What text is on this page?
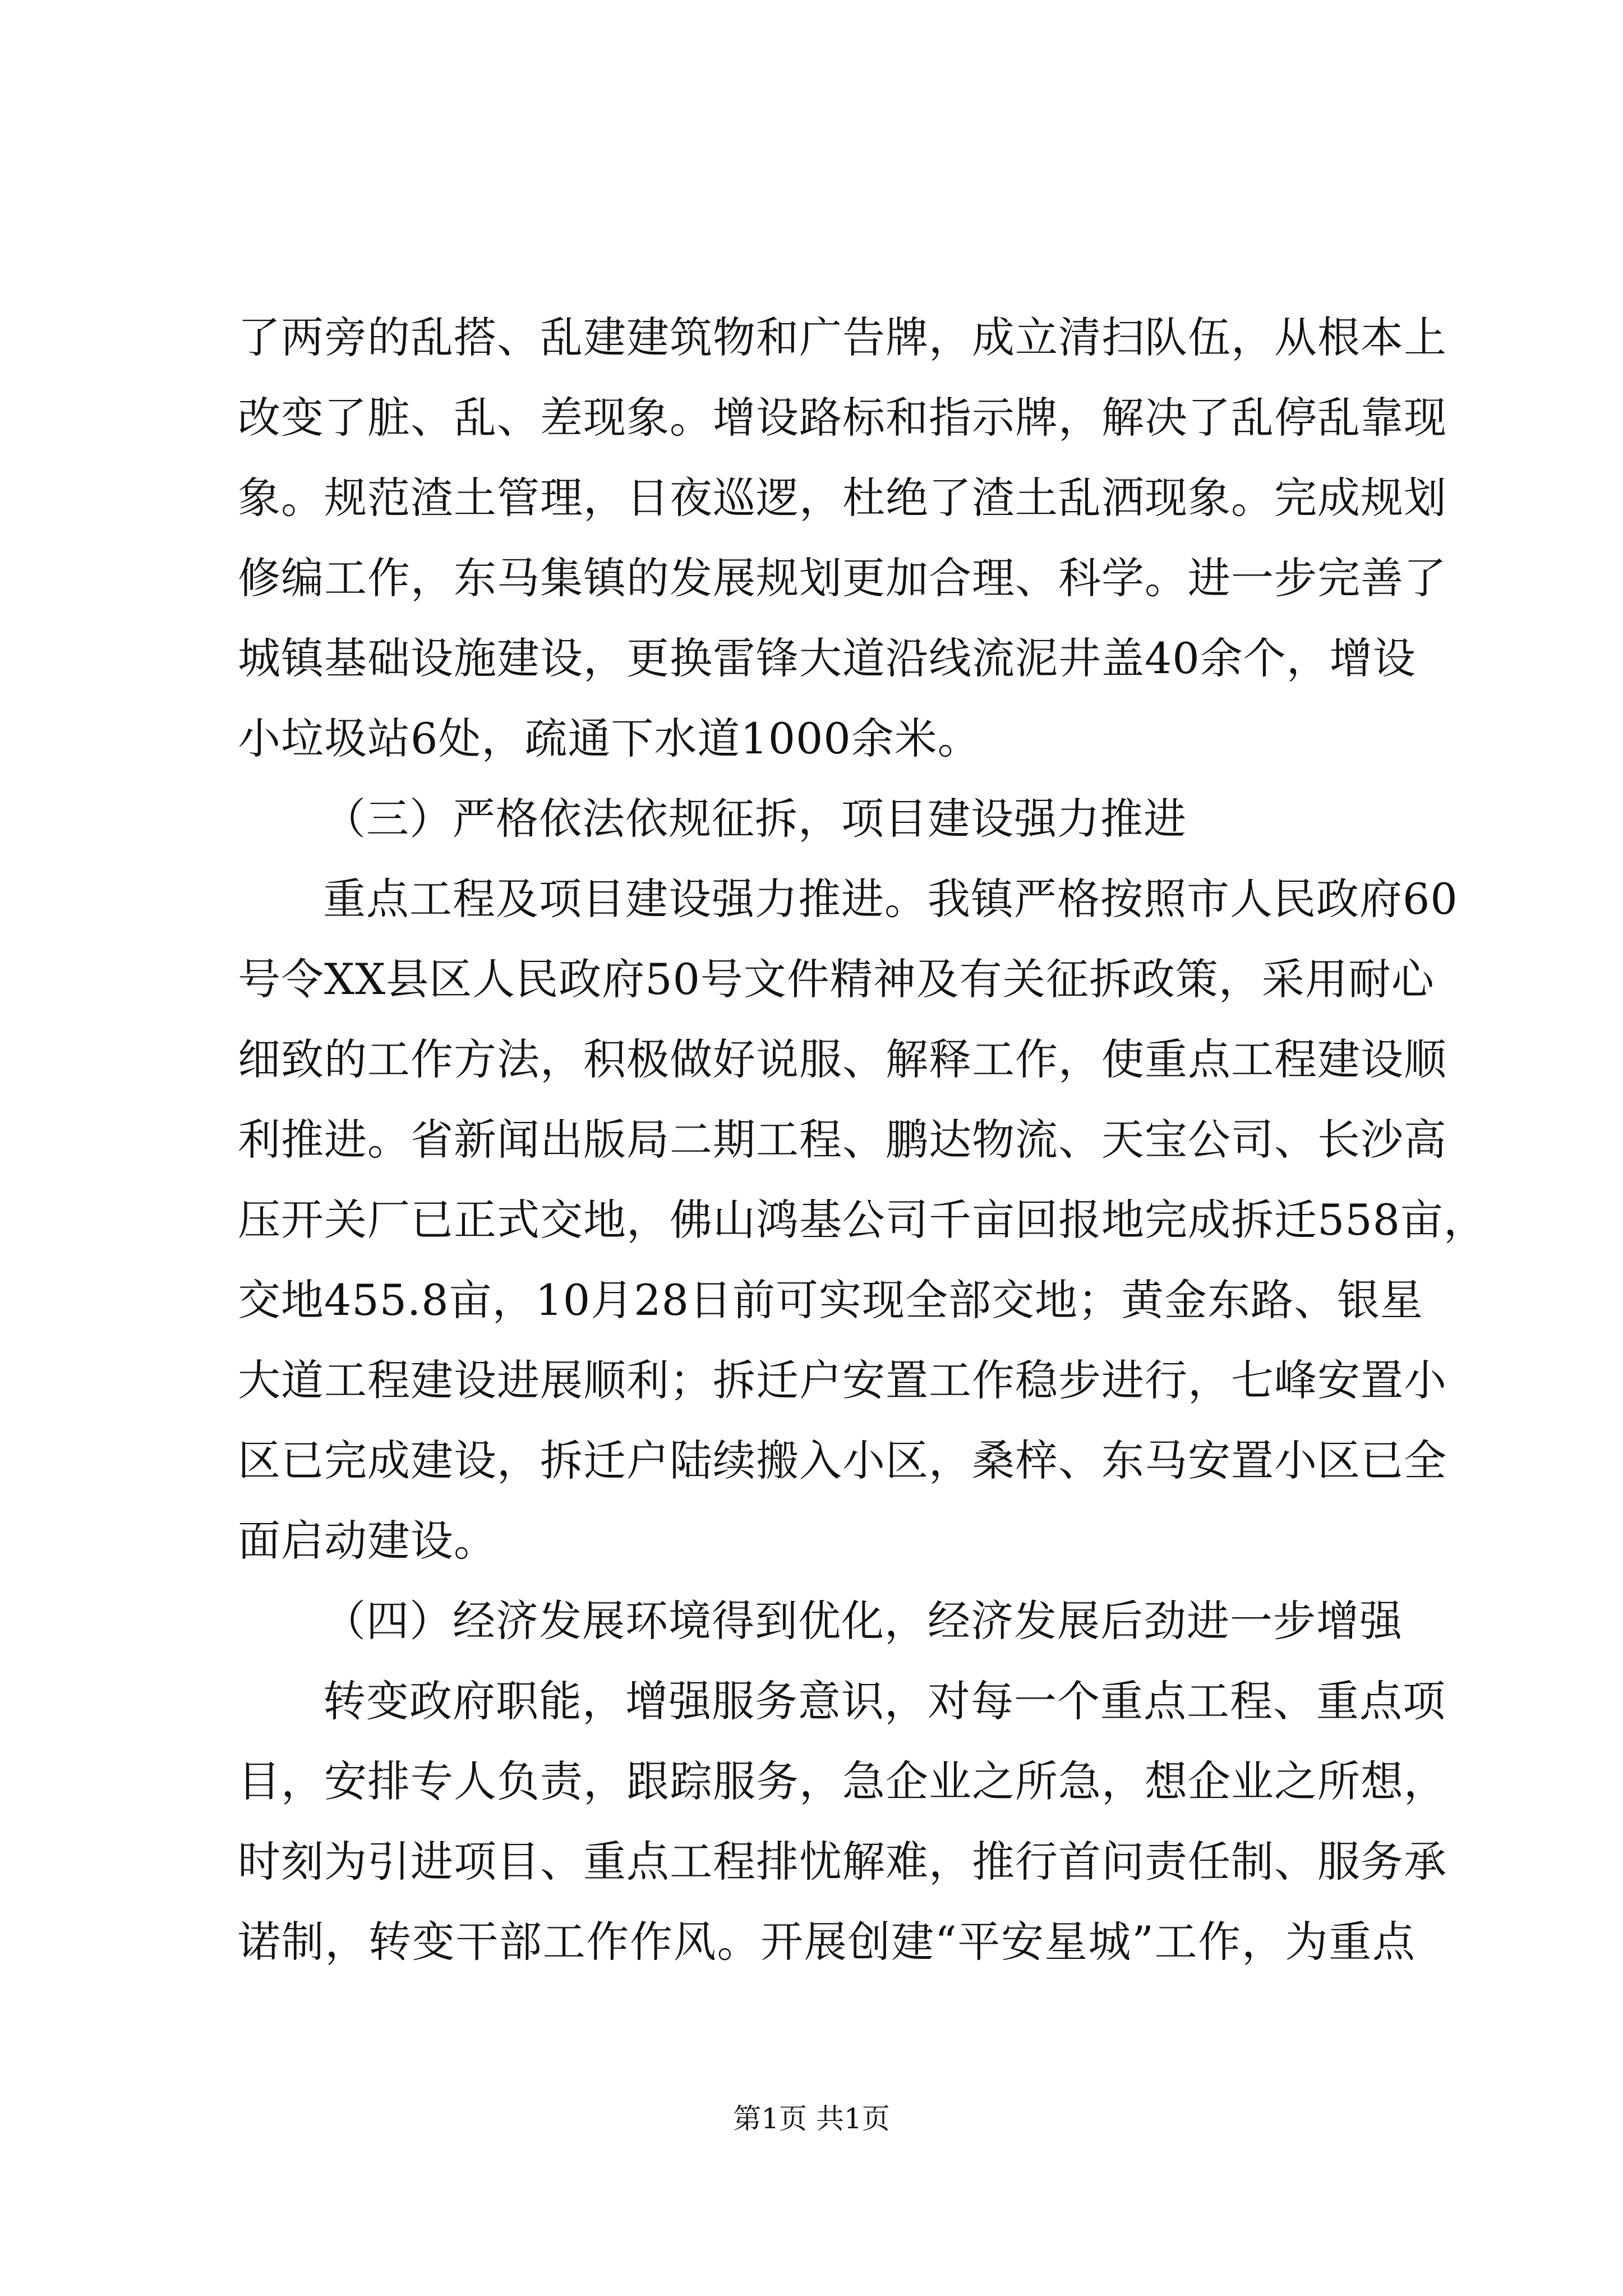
了两旁的乱搭、乱建建筑物和广告牌，成立清扫队伍，从根本上
改变了脏、乱、差现象。增设路标和指示牌，解决了乱停乱靠现
象。规范渣土管理，日夜巡逻，杜绝了渣土乱洒现象。完成规划
修编工作，东马集镇的发展规划更加合理、科学。进一步完善了
城镇基础设施建设，更换雷锋大道沿线流泥井盖40余个，增设
小垃圾站6处，疏通下水道1000余米。
（三）严格依法依规征拆，项目建设强力推进
重点工程及项目建设强力推进。我镇严格按照市人民政府60
号令XX县区人民政府50号文件精神及有关征拆政策，采用耐心
细致的工作方法，积极做好说服、解释工作，使重点工程建设顺
利推进。省新闻出版局二期工程、鹏达物流、天宝公司、长沙高
压开关厂已正式交地，佛山鸿基公司千亩回报地完成拆迁558亩，
交地455.8亩，10月28日前可实现全部交地；黄金东路、银星
大道工程建设进展顺利；拆迁户安置工作稳步进行，七峰安置小
区已完成建设，拆迁户陆续搬入小区，桑梓、东马安置小区已全
面启动建设。
（四）经济发展环境得到优化，经济发展后劲进一步增强
转变政府职能，增强服务意识，对每一个重点工程、重点项
目，安排专人负责，跟踪服务，急企业之所急，想企业之所想，
时刻为引进项目、重点工程排忧解难，推行首问责任制、服务承
诺制，转变干部工作作风。开展创建“平安星城”工作，为重点
第1页 共1页
